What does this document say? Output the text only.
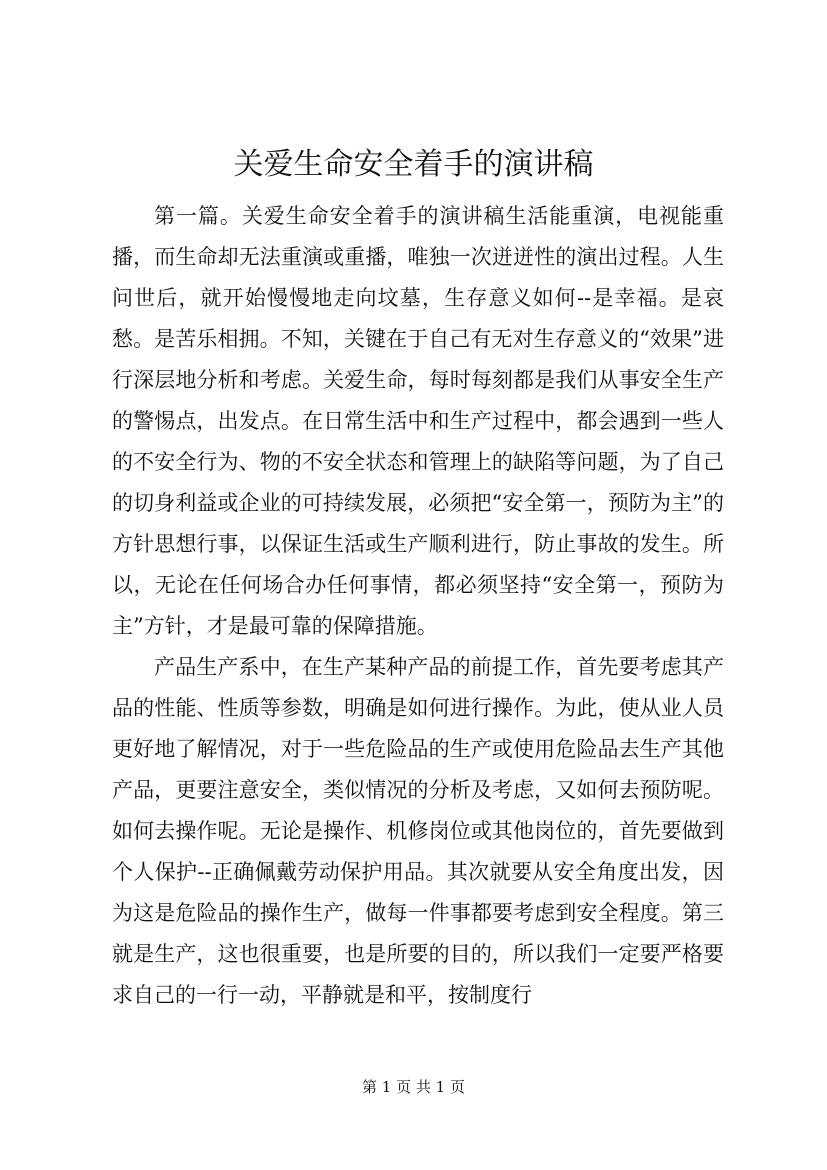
关爱生命安全着手的演讲稿

第一篇。关爱生命安全着手的演讲稿生活能重演，电视能重播，而生命却无法重演或重播，唯独一次迸迸性的演出过程。人生问世后，就开始慢慢地走向坟墓，生存意义如何--是幸福。是哀愁。是苦乐相拥。不知，关键在于自己有无对生存意义的“效果”进行深层地分析和考虑。关爱生命，每时每刻都是我们从事安全生产的警惕点，出发点。在日常生活中和生产过程中，都会遇到一些人的不安全行为、物的不安全状态和管理上的缺陷等问题，为了自己的切身利益或企业的可持续发展，必须把“安全第一，预防为主”的方针思想行事，以保证生活或生产顺利进行，防止事故的发生。所以，无论在任何场合办任何事情，都必须坚持“安全第一，预防为主”方针，才是最可靠的保障措施。

产品生产系中，在生产某种产品的前提工作，首先要考虑其产品的性能、性质等参数，明确是如何进行操作。为此，使从业人员更好地了解情况，对于一些危险品的生产或使用危险品去生产其他产品，更要注意安全，类似情况的分析及考虑，又如何去预防呢。如何去操作呢。无论是操作、机修岗位或其他岗位的，首先要做到个人保护--正确佩戴劳动保护用品。其次就要从安全角度出发，因为这是危险品的操作生产，做每一件事都要考虑到安全程度。第三就是生产，这也很重要，也是所要的目的，所以我们一定要严格要求自己的一行一动，平静就是和平，按制度行

第 1 页 共 1 页
